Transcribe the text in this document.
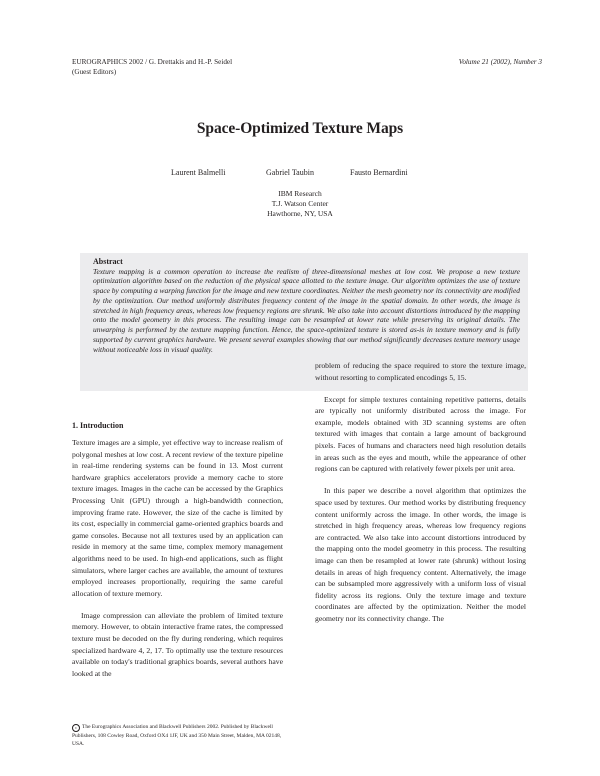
EUROGRAPHICS 2002 / G. Drettakis and H.-P. Seidel
(Guest Editors)
Volume 21 (2002), Number 3
Space-Optimized Texture Maps
Laurent Balmelli	Gabriel Taubin	Fausto Bernardini
IBM Research
T.J. Watson Center
Hawthorne, NY, USA
Abstract
Texture mapping is a common operation to increase the realism of three-dimensional meshes at low cost. We propose a new texture optimization algorithm based on the reduction of the physical space allotted to the texture image. Our algorithm optimizes the use of texture space by computing a warping function for the image and new texture coordinates. Neither the mesh geometry nor its connectivity are modified by the optimization. Our method uniformly distributes frequency content of the image in the spatial domain. In other words, the image is stretched in high frequency areas, whereas low frequency regions are shrunk. We also take into account distortions introduced by the mapping onto the model geometry in this process. The resulting image can be resampled at lower rate while preserving its original details. The unwarping is performed by the texture mapping function. Hence, the space-optimized texture is stored as-is in texture memory and is fully supported by current graphics hardware. We present several examples showing that our method significantly decreases texture memory usage without noticeable loss in visual quality.
1. Introduction

Texture images are a simple, yet effective way to increase realism of polygonal meshes at low cost. A recent review of the texture pipeline in real-time rendering systems can be found in 13. Most current hardware graphics accelerators provide a memory cache to store texture images. Images in the cache can be accessed by the Graphics Processing Unit (GPU) through a high-bandwidth connection, improving frame rate. However, the size of the cache is limited by its cost, especially in commercial game-oriented graphics boards and game consoles. Because not all textures used by an application can reside in memory at the same time, complex memory management algorithms need to be used. In high-end applications, such as flight simulators, where larger caches are available, the amount of textures employed increases proportionally, requiring the same careful allocation of texture memory.

Image compression can alleviate the problem of limited texture memory. However, to obtain interactive frame rates, the compressed texture must be decoded on the fly during rendering, which requires specialized hardware 4, 2, 17. To optimally use the texture resources available on today's traditional graphics boards, several authors have looked at the

problem of reducing the space required to store the texture image, without resorting to complicated encodings 5, 15.

Except for simple textures containing repetitive patterns, details are typically not uniformly distributed across the image. For example, models obtained with 3D scanning systems are often textured with images that contain a large amount of background pixels. Faces of humans and characters need high resolution details in areas such as the eyes and mouth, while the appearance of other regions can be captured with relatively fewer pixels per unit area.

In this paper we describe a novel algorithm that optimizes the space used by textures. Our method works by distributing frequency content uniformly across the image. In other words, the image is stretched in high frequency areas, whereas low frequency regions are contracted. We also take into account distortions introduced by the mapping onto the model geometry in this process. The resulting image can then be resampled at lower rate (shrunk) without losing details in areas of high frequency content. Alternatively, the image can be subsampled more aggressively with a uniform loss of visual fidelity across its regions. Only the texture image and texture coordinates are affected by the optimization. Neither the model geometry nor its connectivity change. The

c The Eurographics Association and Blackwell Publishers 2002. Published by Blackwell Publishers, 108 Cowley Road, Oxford OX4 1JF, UK and 350 Main Street, Malden, MA 02148, USA.
